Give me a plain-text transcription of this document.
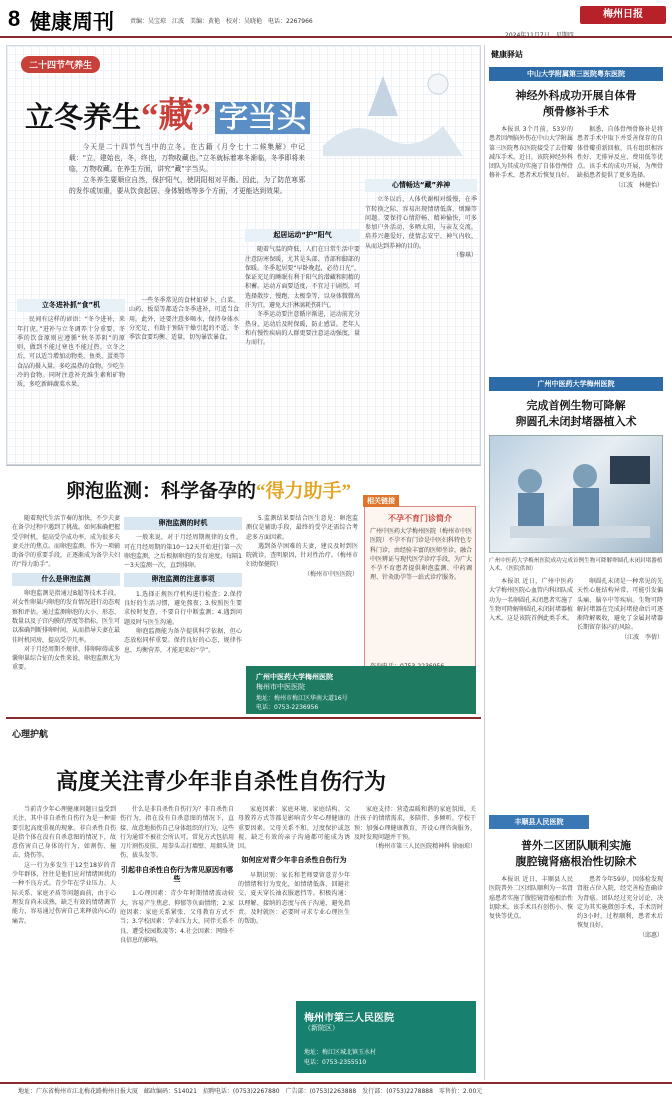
8 健康周刊	责编：吴宝琼　江波　美编：黄艳　校对：吴晓艳　电话：2267966
梅州日报
2024年11月7日　星期四
二十四节气养生
立冬养生“藏” 字当头

今天是二十四节气当中的立冬。在古籍《月令七十二候集解》中记载：“立，建始也，冬，终也，万物收藏也。”立冬就标着寒冬渐临，冬季即将来临，万物收藏。在养生方面，讲究“藏”字当头。

立冬养生要顺应自然，保护阳气，使阴阳相对平衡。因此，为了防范寒邪的发作或加重，要从饮食起居、身体锻炼等多个方面，才更能达到效果。

立冬进补抓“食”机

民间有这样的谚语：“冬令进补，来年打虎。”进补与立冬调养十分重要。冬季的饮食原则应遵循“秋冬养阴”的原则，做到不能过寒也不能过热。立冬之后，可以适当增加动物类、鱼类、蛋类等食品的摄入量，多吃温热的食物，少吃生冷的食物。同时注意补充维生素和矿物质，多吃新鲜蔬菜水果。

一些冬季常见的食材如萝卜、白菜、山药、板栗等都适合冬季进补，可适当食用。此外，还要注意多喝水，保持身体水分充足，有助于预防干燥引起的不适。冬季饮食要均衡、适量，切勿暴饮暴食。

起居运动“护”阳气

随着气温的降低，人们在日常生活中要注意防寒保暖，尤其是头部、背部和脚部的保暖。冬季起居要“早卧晚起，必待日光”，保证充足的睡眠有利于阳气的潜藏和阴精的积蓄。运动方面要适度，不宜过于剧烈，可选择散步、慢跑、太极拳等，以身体微微出汗为宜，避免大汗淋漓耗伤阳气。

冬季运动要注意循序渐进，运动前充分热身，运动后及时保暖，防止感冒。老年人和有慢性疾病的人群更要注意运动强度，量力而行。

心情畅达“藏”养神

立冬以后，人体代谢相对缓慢，在季节转换之际，容易出现情绪低落、烦躁等问题。要保持心情舒畅、精神愉快，可多参加户外活动，多晒太阳，与亲友交流，培养兴趣爱好，使情志安宁、神气内收，从而达到养神的目的。

（黎琪）
卵泡监测：科学备孕的“得力助手”

随着现代生活节奏的加快，不少夫妻在备孕过程中遇到了挑战。如何准确把握受孕时机，提高受孕成功率，成为很多夫妻关注的焦点。而卵泡监测，作为一项辅助备孕的重要手段，正逐渐成为备孕夫妇的“得力助手”。

什么是卵泡监测

卵泡监测是指通过B超等技术手段，对女性卵巢内卵泡的发育情况进行动态观察和评估。通过监测卵泡的大小、形态、数量以及子宫内膜的厚度等指标，医生可以准确判断排卵时间，从而指导夫妻在最佳时机同房，提高受孕几率。

对于月经周期不规律、排卵障碍或多囊卵巢综合征的女性来说，卵泡监测尤为重要。

卵泡监测的时机

一般来说，对于月经周期规律的女性，可在月经周期的第10～12天开始进行第一次卵泡监测，之后根据卵泡的发育速度，每隔1～3天监测一次，直到排卵。

卵泡监测的注意事项

1.选择正规医疗机构进行检查；2.保持良好的生活习惯，避免熬夜；3.按照医生要求按时复查，不要自行中断监测；4.遇到问题及时与医生沟通。

卵泡监测能为备孕提供科学依据，但心态放松同样重要。保持良好的心态，规律作息，均衡营养，才能迎来好“孕”。

5.监测结果要结合医生意见：卵泡监测仅是辅助手段，最终的受孕还需综合考虑多方面因素。

遇到备孕困难的夫妻，建议及时到医院就诊，查明原因，针对性治疗。（梅州市妇幼保健院）

（梅州市中医医院）
相关链接
不孕不育门诊简介
广州中医药大学梅州医院（梅州市中医医院）不孕不育门诊是中医妇科特色专科门诊，由经验丰富的医师坐诊，融合中医辨证与现代医学诊疗手段，为广大不孕不育患者提供卵泡监测、中药调理、针灸助孕等一站式诊疗服务。
广州中医药大学梅州医院
梅州市中医医院
地址：梅州市梅江区华南大道16号
电话：0753-2236956
心理护航
高度关注青少年非自杀性自伤行为

当前青少年心理健康问题日益受到关注，其中非自杀性自伤行为是一种需要引起高度重视的现象。非自杀性自伤是指个体在没有自杀意图的情况下，故意伤害自己身体的行为，如割伤、撞击、烧伤等。

这一行为多发生于12至18岁的青少年群体，往往是他们应对情绪困扰的一种不良方式。青少年在学业压力、人际关系、家庭矛盾等问题面前，由于心理发育尚未成熟，缺乏有效的情绪调节能力，容易通过伤害自己来释放内心的痛苦。

什么是非自杀性自伤行为？非自杀性自伤行为，指在没有自杀意图的情况下，直接、故意地损伤自己身体组织的行为，这些行为通常不被社会所认可。常见方式包括用刀片割伤皮肤、用拳头击打墙壁、用烟头烫伤、拔头发等。

引起非自杀性自伤行为常见原因有哪些

1.心理因素：青少年时期情绪波动较大，容易产生焦虑、抑郁等负面情绪；2.家庭因素：家庭关系紧张、父母教育方式不当；3.学校因素：学业压力大、同伴关系不良、遭受校园欺凌等；4.社会因素：网络不良信息的影响。

家庭因素：家庭环境、家庭结构、父母教养方式等都是影响青少年心理健康的重要因素。父母关系不和、过度保护或忽视、缺乏有效的亲子沟通都可能成为诱因。

如何应对青少年非自杀性自伤行为

早期识别：家长和老师要留意青少年的情绪和行为变化，如情绪低落、回避社交、夏天穿长袖衣服遮挡等。积极沟通：以理解、接纳的态度与孩子沟通，避免指责。及时就医：必要时寻求专业心理医生的帮助。

家庭支持：营造温暖和谐的家庭氛围，关注孩子的情绪需求，多陪伴、多倾听。学校干预：加强心理健康教育，开设心理咨询服务，及时发现问题并干预。

（梅州市第三人民医院精神科 徐丽琼）
梅州市第三人民医院
（新院区）
地址：梅江区城北镇玉水村
电话：0753-2355510
健康驿站
中山大学附属第三医院粤东医院
神经外科成功开展自体骨
颅骨修补手术

本报讯 3个月前，53岁的患者因颅脑外伤在中山大学附属第三医院粤东医院接受了去骨瓣减压手术。近日，该院神经外科团队为其成功实施了自体骨颅骨修补手术，患者术后恢复良好。

据悉，自体骨颅骨修补是将患者手术中取下并妥善保存的自体骨瓣重新回植，具有组织相容性好、无排异反应、费用低等优点。该手术的成功开展，为颅骨缺损患者提供了更多选择。

（江波　林健怡）
广州中医药大学梅州医院
完成首例生物可降解
卵圆孔未闭封堵器植入术
广州中医药大学梅州医院成功完成首例生物可降解卵圆孔未闭封堵器植入术。（医院供图）

本报讯 近日，广州中医药大学梅州医院心血管内科团队成功为一名卵圆孔未闭患者实施了生物可降解卵圆孔未闭封堵器植入术，这是该院首例此类手术。

卵圆孔未闭是一种常见的先天性心脏结构异常，可能引发偏头痛、脑卒中等疾病。生物可降解封堵器在完成封堵使命后可逐渐降解吸收，避免了金属封堵器长期留存体内的风险。

（江波　李倩）
丰顺县人民医院
普外二区团队顺利实施
腹腔镜肾癌根治性切除术

本报讯 近日，丰顺县人民医院普外二区团队顺利为一名肾癌患者实施了腹腔镜肾癌根治性切除术。该手术具有创伤小、恢复快等优点。

患者今年59岁，因体检发现肾脏占位入院，经完善检查确诊为肾癌。团队经过充分讨论，决定为其实施微创手术，手术历时约3小时，过程顺利，患者术后恢复良好。

（邱惠）
地址：广东省梅州市江北梅花路梅州日报大厦　邮政编码：514021　招聘电话：(0753)2267880　广告部：(0753)2263888　发行部：(0753)2278888　零售价：2.00元
